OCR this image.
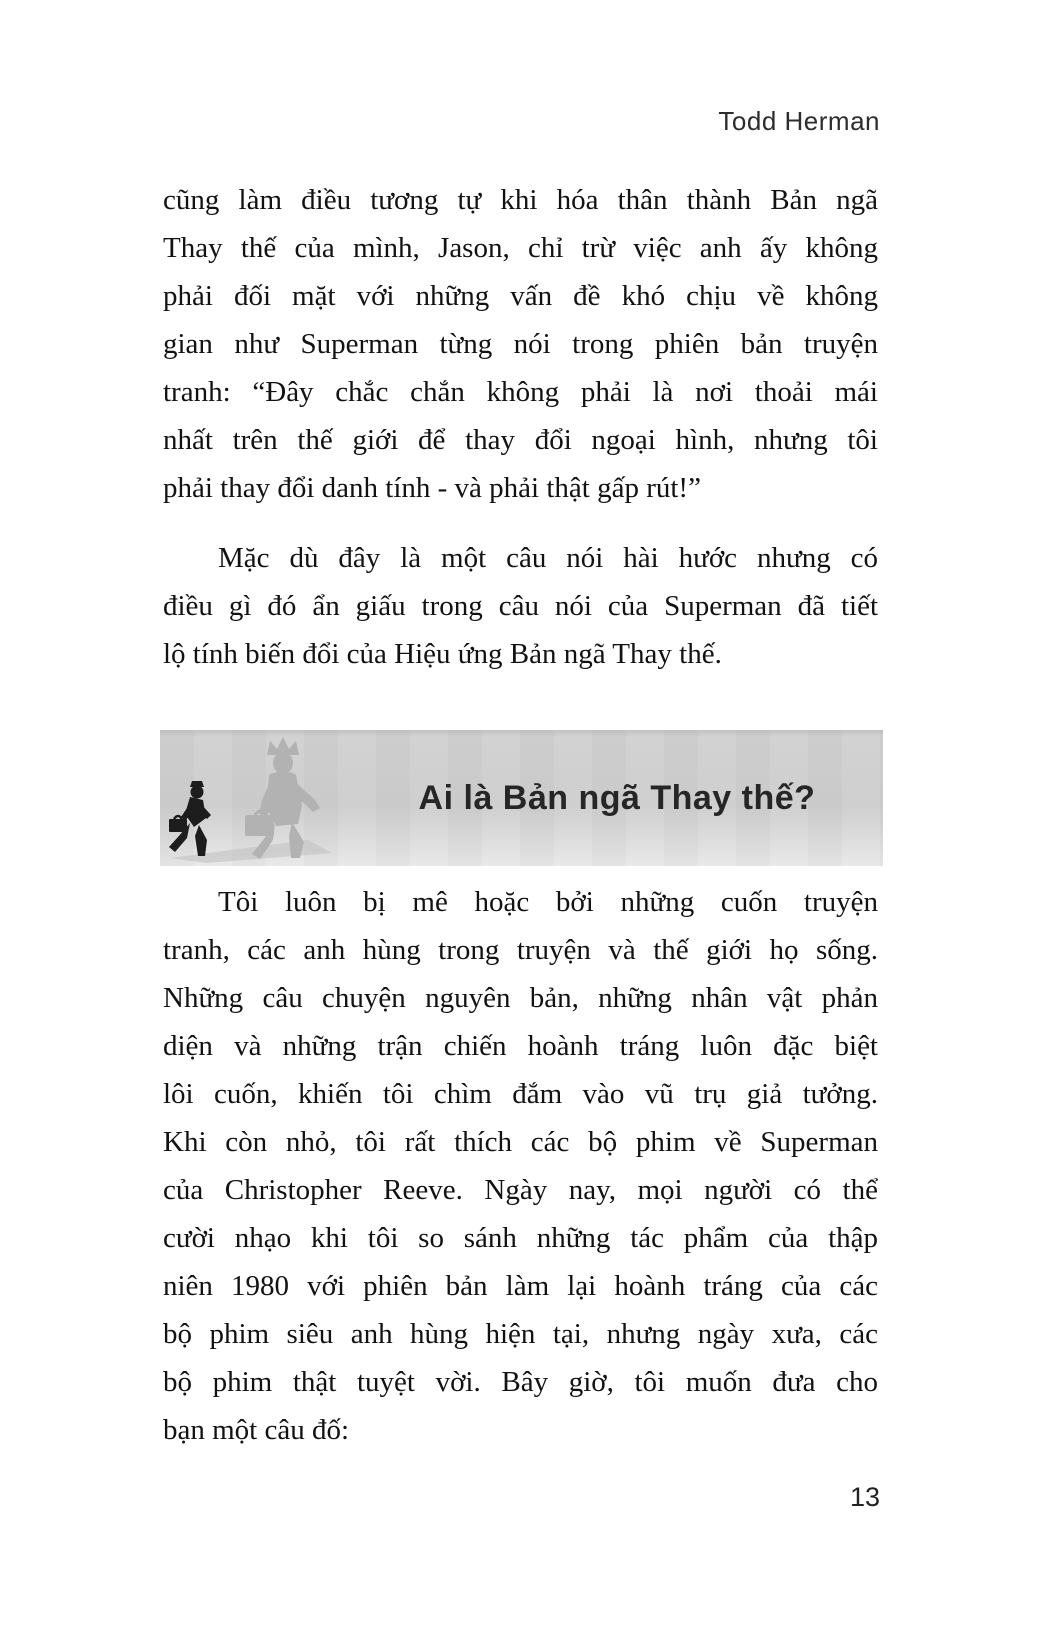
Todd Herman
cũng làm điều tương tự khi hóa thân thành Bản ngã
Thay thế của mình, Jason, chỉ trừ việc anh ấy không
phải đối mặt với những vấn đề khó chịu về không
gian như Superman từng nói trong phiên bản truyện
tranh: “Đây chắc chắn không phải là nơi thoải mái
nhất trên thế giới để thay đổi ngoại hình, nhưng tôi
phải thay đổi danh tính - và phải thật gấp rút!”
Mặc dù đây là một câu nói hài hước nhưng có
điều gì đó ẩn giấu trong câu nói của Superman đã tiết
lộ tính biến đổi của Hiệu ứng Bản ngã Thay thế.
Ai là Bản ngã Thay thế?
Tôi luôn bị mê hoặc bởi những cuốn truyện
tranh, các anh hùng trong truyện và thế giới họ sống.
Những câu chuyện nguyên bản, những nhân vật phản
diện và những trận chiến hoành tráng luôn đặc biệt
lôi cuốn, khiến tôi chìm đắm vào vũ trụ giả tưởng.
Khi còn nhỏ, tôi rất thích các bộ phim về Superman
của Christopher Reeve. Ngày nay, mọi người có thể
cười nhạo khi tôi so sánh những tác phẩm của thập
niên 1980 với phiên bản làm lại hoành tráng của các
bộ phim siêu anh hùng hiện tại, nhưng ngày xưa, các
bộ phim thật tuyệt vời. Bây giờ, tôi muốn đưa cho
bạn một câu đố:
13
